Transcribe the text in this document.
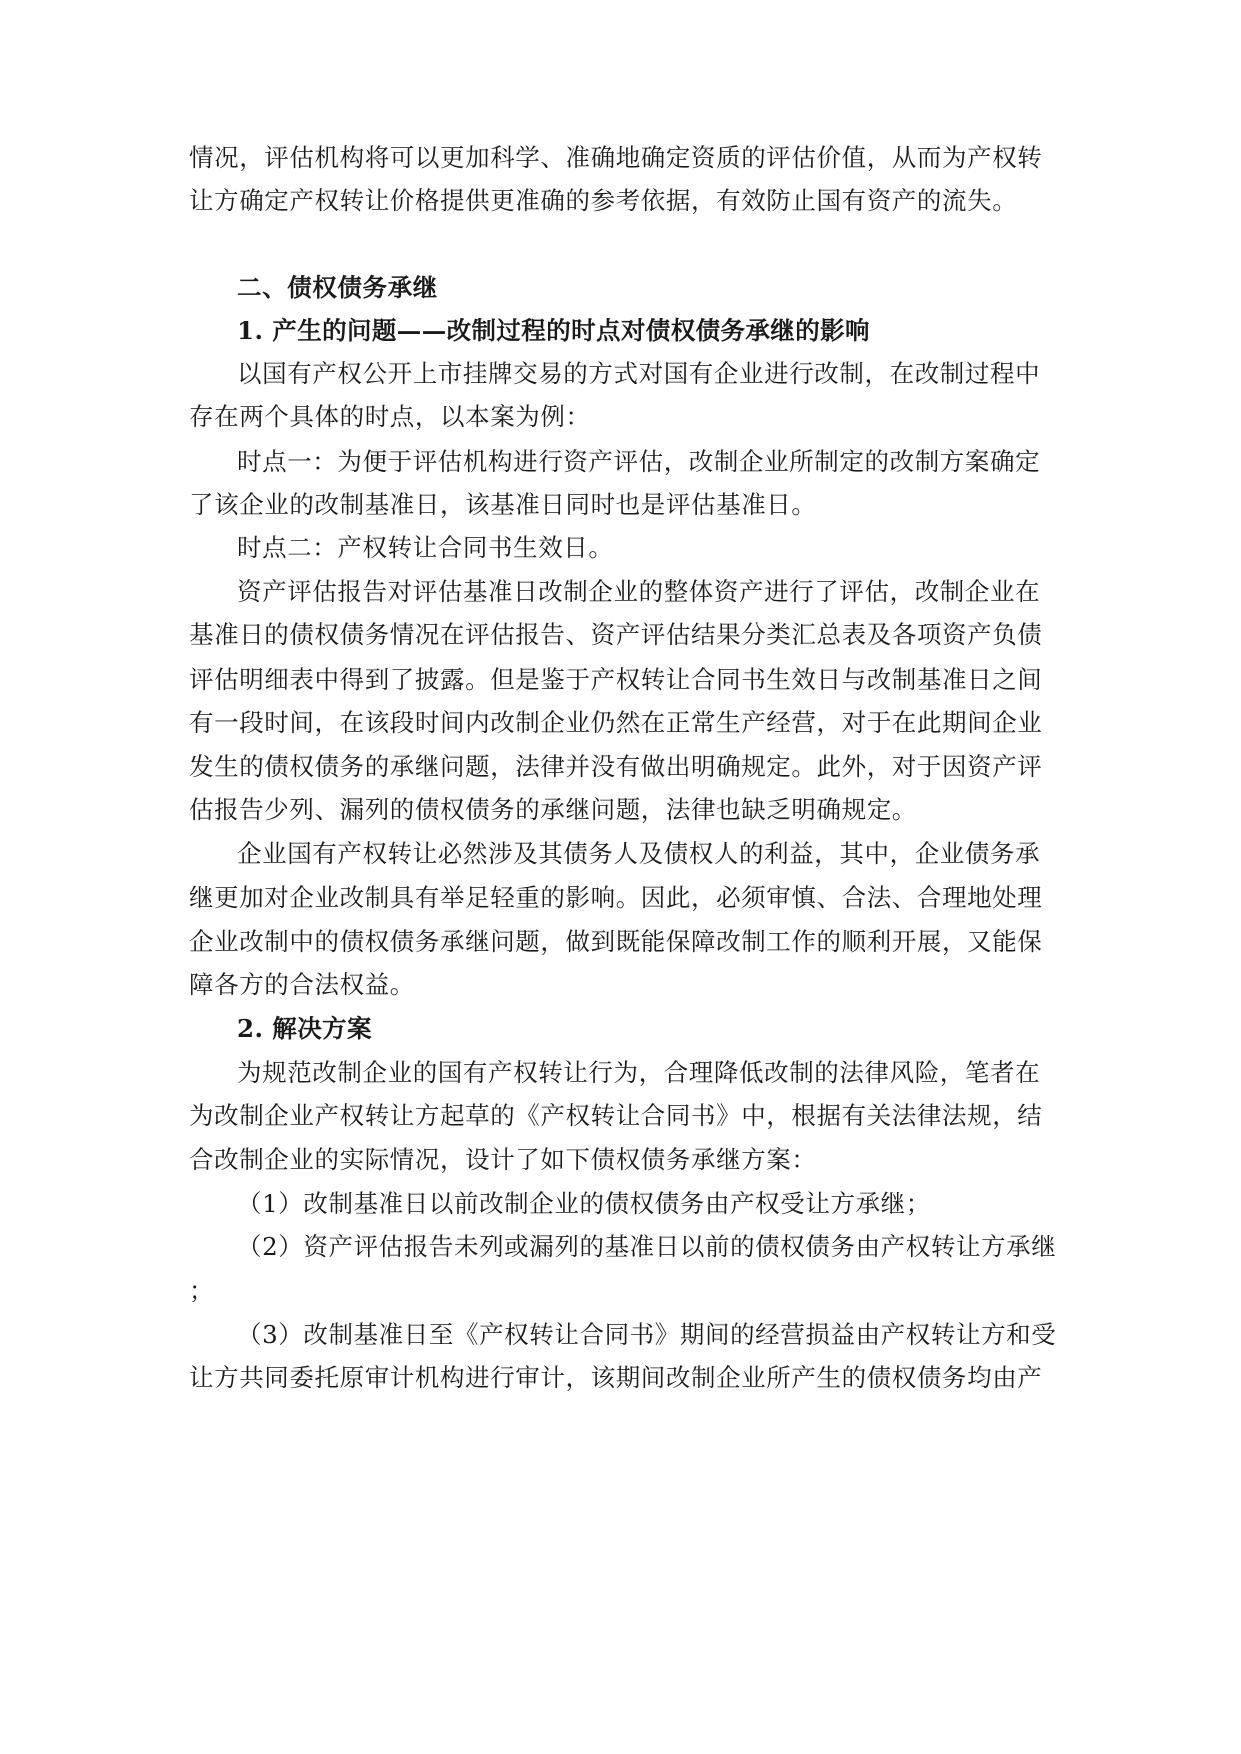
情况，评估机构将可以更加科学、准确地确定资质的评估价值，从而为产权转
让方确定产权转让价格提供更准确的参考依据，有效防止国有资产的流失。
二、债权债务承继
1. 产生的问题——改制过程的时点对债权债务承继的影响
以国有产权公开上市挂牌交易的方式对国有企业进行改制，在改制过程中
存在两个具体的时点，以本案为例：
时点一：为便于评估机构进行资产评估，改制企业所制定的改制方案确定
了该企业的改制基准日，该基准日同时也是评估基准日。
时点二：产权转让合同书生效日。
资产评估报告对评估基准日改制企业的整体资产进行了评估，改制企业在
基准日的债权债务情况在评估报告、资产评估结果分类汇总表及各项资产负债
评估明细表中得到了披露。但是鉴于产权转让合同书生效日与改制基准日之间
有一段时间，在该段时间内改制企业仍然在正常生产经营，对于在此期间企业
发生的债权债务的承继问题，法律并没有做出明确规定。此外，对于因资产评
估报告少列、漏列的债权债务的承继问题，法律也缺乏明确规定。
企业国有产权转让必然涉及其债务人及债权人的利益，其中，企业债务承
继更加对企业改制具有举足轻重的影响。因此，必须审慎、合法、合理地处理
企业改制中的债权债务承继问题，做到既能保障改制工作的顺利开展，又能保
障各方的合法权益。
2. 解决方案
为规范改制企业的国有产权转让行为，合理降低改制的法律风险，笔者在
为改制企业产权转让方起草的《产权转让合同书》中，根据有关法律法规，结
合改制企业的实际情况，设计了如下债权债务承继方案：
（1）改制基准日以前改制企业的债权债务由产权受让方承继；
（2）资产评估报告未列或漏列的基准日以前的债权债务由产权转让方承继
；
（3）改制基准日至《产权转让合同书》期间的经营损益由产权转让方和受
让方共同委托原审计机构进行审计，该期间改制企业所产生的债权债务均由产
